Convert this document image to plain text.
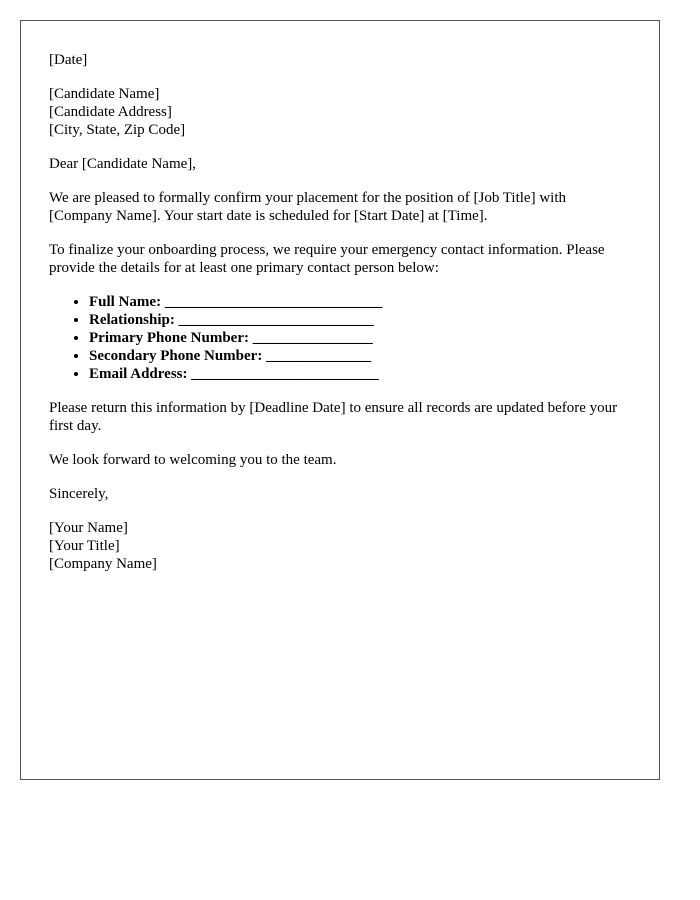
[Date]

[Candidate Name]
[Candidate Address]
[City, State, Zip Code]

Dear [Candidate Name],

We are pleased to formally confirm your placement for the position of [Job Title] with [Company Name]. Your start date is scheduled for [Start Date] at [Time].

To finalize your onboarding process, we require your emergency contact information. Please provide the details for at least one primary contact person below:

• Full Name: _____________________________
• Relationship: __________________________
• Primary Phone Number: ________________
• Secondary Phone Number: ______________
• Email Address: _________________________

Please return this information by [Deadline Date] to ensure all records are updated before your first day.

We look forward to welcoming you to the team.

Sincerely,

[Your Name]
[Your Title]
[Company Name]
